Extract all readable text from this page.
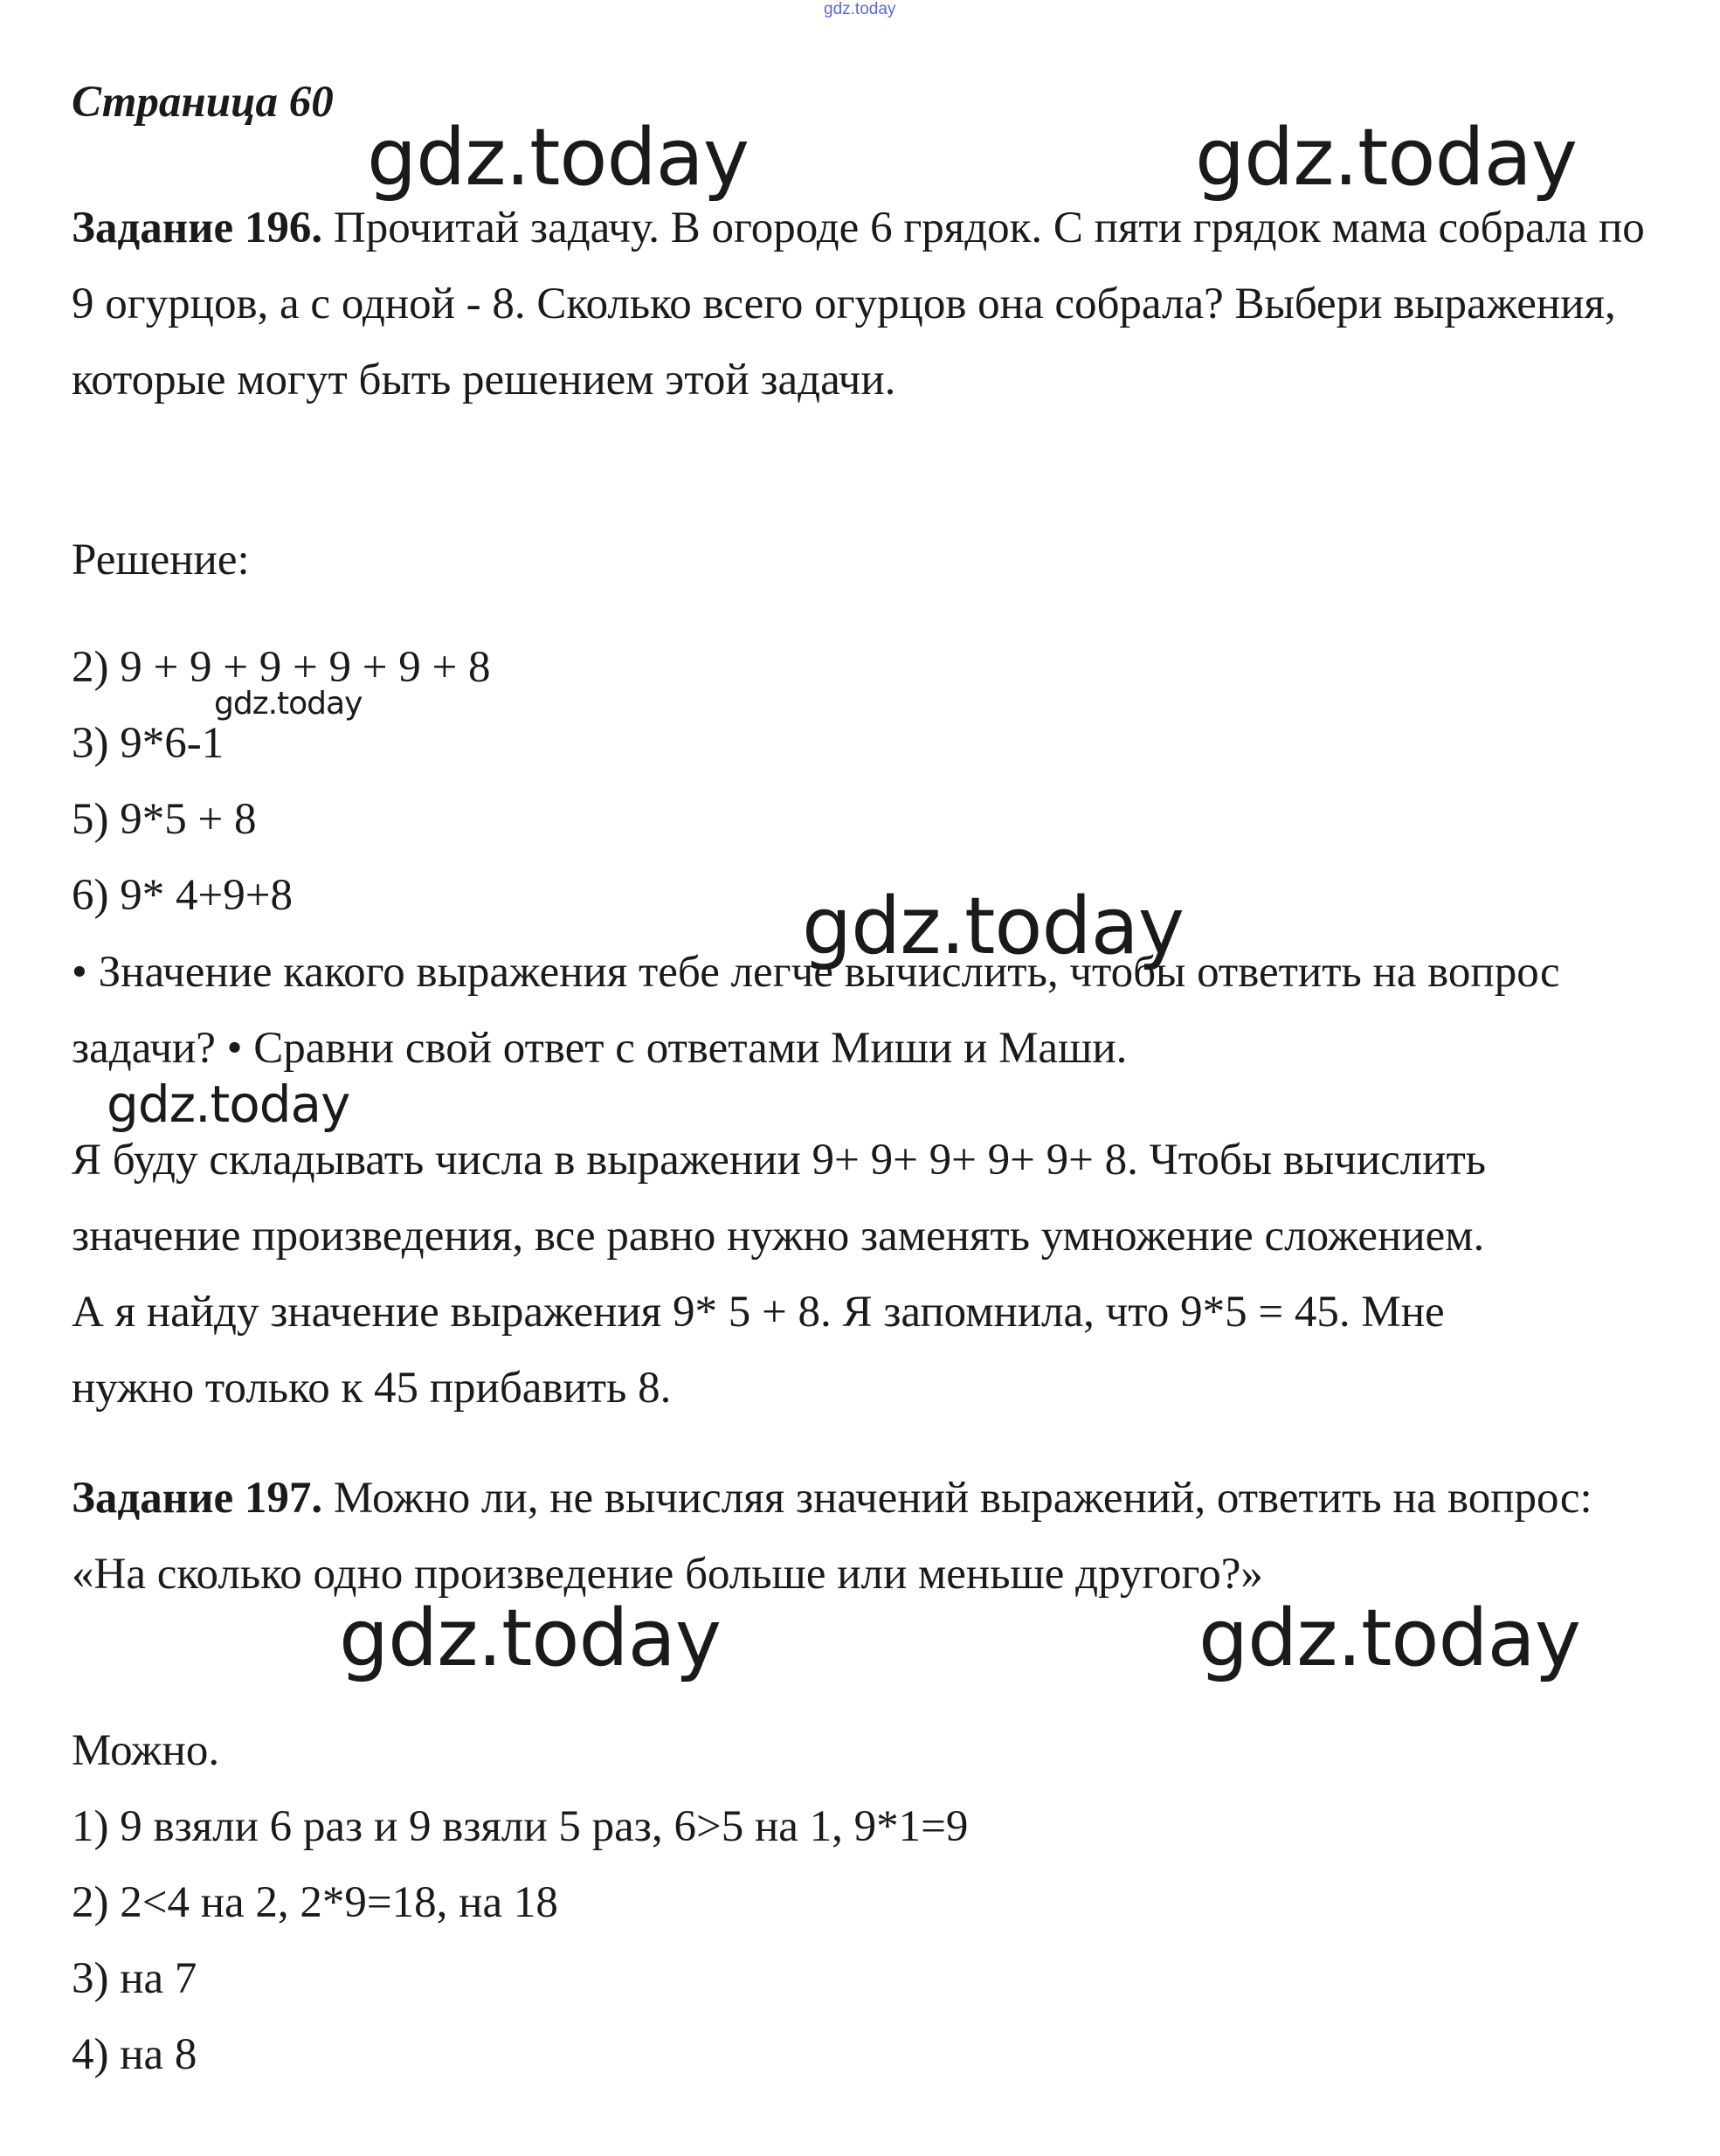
gdz.today
Страница 60

Задание 196. Прочитай задачу. В огороде 6 грядок. С пяти грядок мама собрала по 9 огурцов, а с одной - 8. Сколько всего огурцов она собрала? Выбери выражения, которые могут быть решением этой задачи.

Решение:

2) 9 + 9 + 9 + 9 + 9 + 8

3) 9*6-1

5) 9*5 + 8

6) 9* 4+9+8

• Значение какого выражения тебе легче вычислить, чтобы ответить на вопрос задачи? • Сравни свой ответ с ответами Миши и Маши.

Я буду складывать числа в выражении 9+ 9+ 9+ 9+ 9+ 8. Чтобы вычислить значение произведения, все равно нужно заменять умножение сложением. А я найду значение выражения 9* 5 + 8. Я запомнила, что 9*5 = 45. Мне нужно только к 45 прибавить 8.

Задание 197. Можно ли, не вычисляя значений выражений, ответить на вопрос: «На сколько одно произведение больше или меньше другого?»

Можно.

1) 9 взяли 6 раз и 9 взяли 5 раз, 6>5 на 1, 9*1=9

2) 2<4 на 2, 2*9=18, на 18

3) на 7

4) на 8

gdz.today	gdz.today
gdz.today
gdz.today
gdz.today
gdz.today	gdz.today
